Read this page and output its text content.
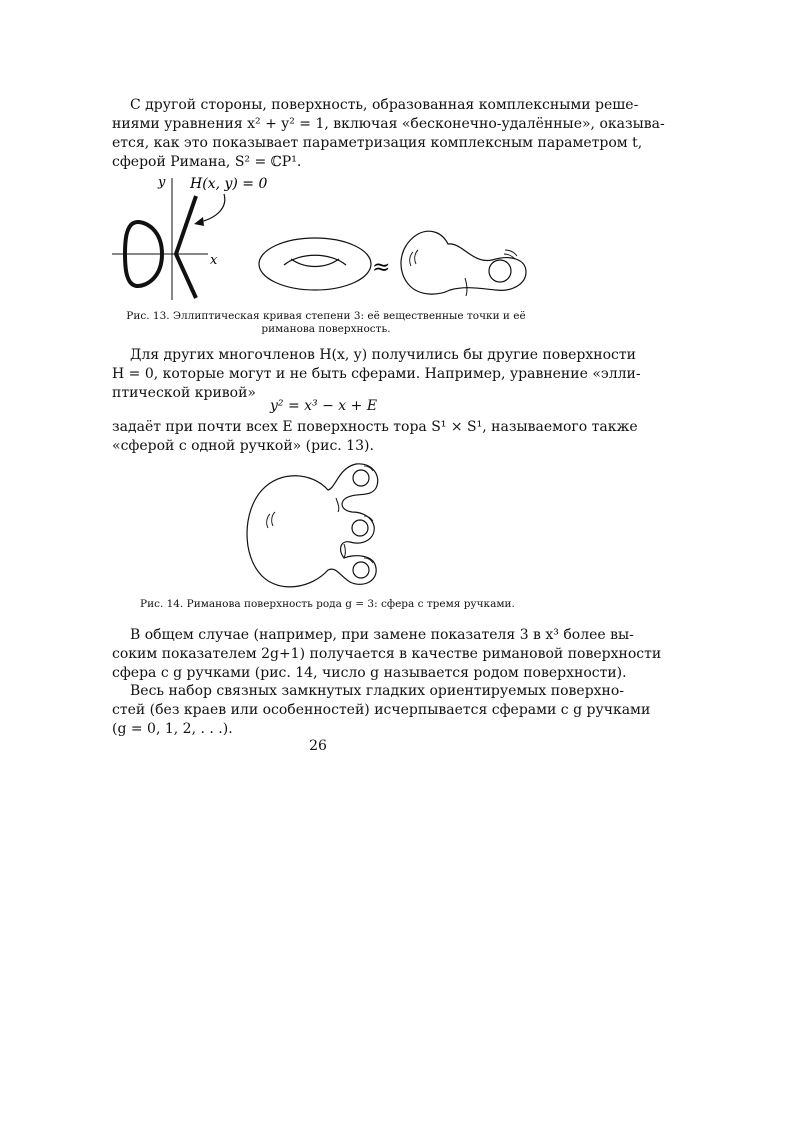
С другой стороны, поверхность, образованная комплексными реше-
ниями уравнения x² + y² = 1, включая «бесконечно-удалённые», оказыва-
ется, как это показывает параметризация комплексным параметром t,
сферой Римана, S² = ℂP¹.
y
x
H(x, y) = 0
≈
Рис. 13. Эллиптическая кривая степени 3: её вещественные точки и её
риманова поверхность.
Для других многочленов H(x, y) получились бы другие поверхности
H = 0, которые могут и не быть сферами. Например, уравнение «элли-
птической кривой»
y² = x³ − x + E
задаёт при почти всех E поверхность тора S¹ × S¹, называемого также
«сферой с одной ручкой» (рис. 13).
Рис. 14. Риманова поверхность рода g = 3: сфера с тремя ручками.
В общем случае (например, при замене показателя 3 в x³ более вы-
соким показателем 2g+1) получается в качестве римановой поверхности
сфера с g ручками (рис. 14, число g называется родом поверхности).
Весь набор связных замкнутых гладких ориентируемых поверхно-
стей (без краев или особенностей) исчерпывается сферами с g ручками
(g = 0, 1, 2, . . .).
26
